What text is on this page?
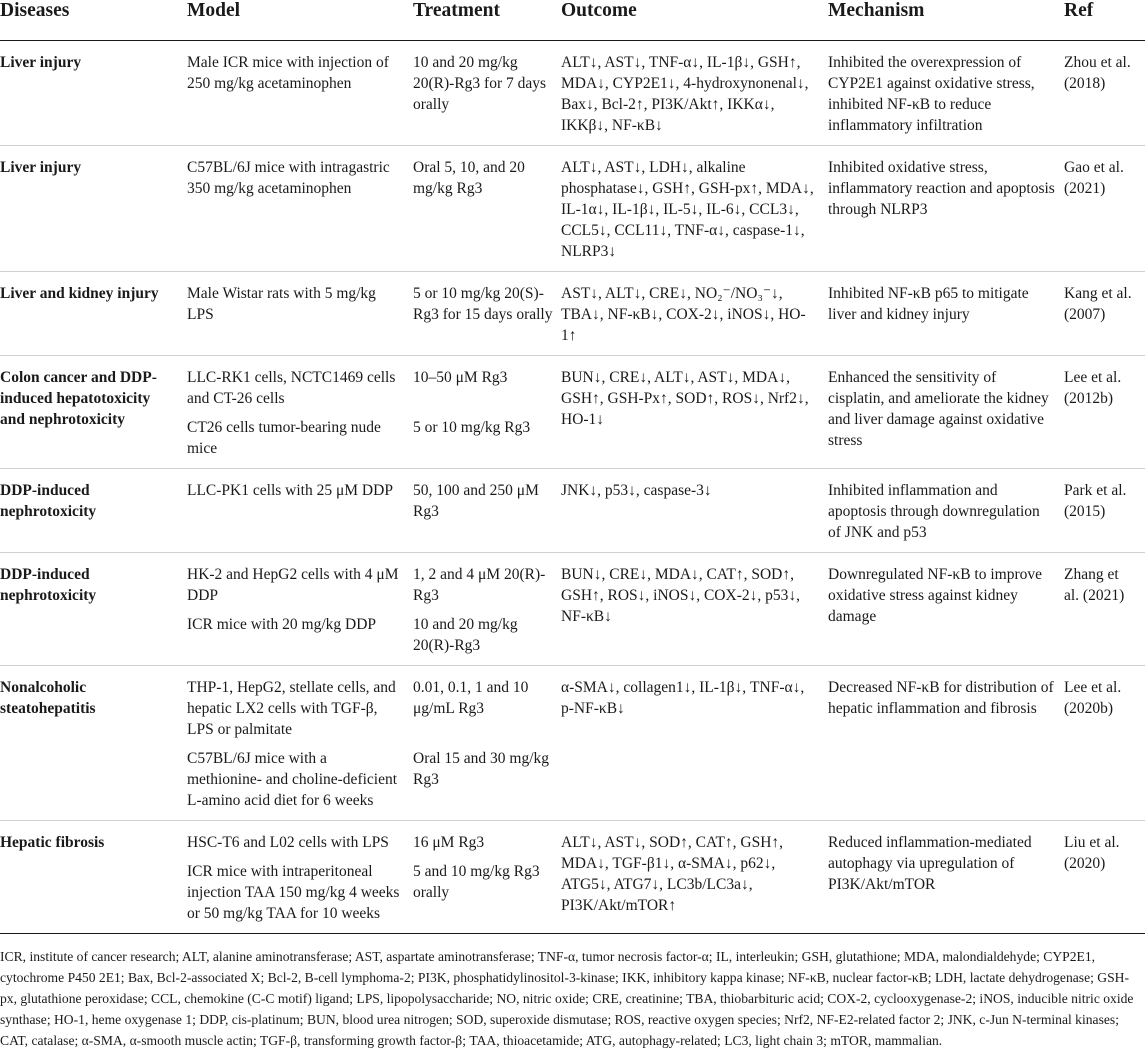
Diseases	Model	Treatment	Outcome	Mechanism	Ref
Liver injury	Male ICR mice with injection of 250 mg/kg acetaminophen	10 and 20 mg/kg 20(R)-Rg3 for 7 days orally	ALT↓, AST↓, TNF-α↓, IL-1β↓, GSH↑, MDA↓, CYP2E1↓, 4-hydroxynonenal↓, Bax↓, Bcl-2↑, PI3K/Akt↑, IKKα↓, IKKβ↓, NF-κB↓	Inhibited the overexpression of CYP2E1 against oxidative stress, inhibited NF-κB to reduce inflammatory infiltration	Zhou et al. (2018)
Liver injury	C57BL/6J mice with intragastric 350 mg/kg acetaminophen	Oral 5, 10, and 20 mg/kg Rg3	ALT↓, AST↓, LDH↓, alkaline phosphatase↓, GSH↑, GSH-px↑, MDA↓, IL-1α↓, IL-1β↓, IL-5↓, IL-6↓, CCL3↓, CCL5↓, CCL11↓, TNF-α↓, caspase-1↓, NLRP3↓	Inhibited oxidative stress, inflammatory reaction and apoptosis through NLRP3	Gao et al. (2021)
Liver and kidney injury	Male Wistar rats with 5 mg/kg LPS	5 or 10 mg/kg 20(S)-Rg3 for 15 days orally	AST↓, ALT↓, CRE↓, NO₂⁻/NO₃⁻↓, TBA↓, NF-κB↓, COX-2↓, iNOS↓, HO-1↑	Inhibited NF-κB p65 to mitigate liver and kidney injury	Kang et al. (2007)
Colon cancer and DDP-induced hepatotoxicity and nephrotoxicity	LLC-RK1 cells, NCTC1469 cells and CT-26 cells	10–50 μM Rg3	BUN↓, CRE↓, ALT↓, AST↓, MDA↓, GSH↑, GSH-Px↑, SOD↑, ROS↓, Nrf2↓, HO-1↓	Enhanced the sensitivity of cisplatin, and ameliorate the kidney and liver damage against oxidative stress	Lee et al. (2012b)
	CT26 cells tumor-bearing nude mice	5 or 10 mg/kg Rg3			
DDP-induced nephrotoxicity	LLC-PK1 cells with 25 μM DDP	50, 100 and 250 μM Rg3	JNK↓, p53↓, caspase-3↓	Inhibited inflammation and apoptosis through downregulation of JNK and p53	Park et al. (2015)
DDP-induced nephrotoxicity	HK-2 and HepG2 cells with 4 μM DDP	1, 2 and 4 μM 20(R)-Rg3	BUN↓, CRE↓, MDA↓, CAT↑, SOD↑, GSH↑, ROS↓, iNOS↓, COX-2↓, p53↓, NF-κB↓	Downregulated NF-κB to improve oxidative stress against kidney damage	Zhang et al. (2021)
	ICR mice with 20 mg/kg DDP	10 and 20 mg/kg 20(R)-Rg3			
Nonalcoholic steatohepatitis	THP-1, HepG2, stellate cells, and hepatic LX2 cells with TGF-β, LPS or palmitate	0.01, 0.1, 1 and 10 μg/mL Rg3	α-SMA↓, collagen1↓, IL-1β↓, TNF-α↓, p-NF-κB↓	Decreased NF-κB for distribution of hepatic inflammation and fibrosis	Lee et al. (2020b)
	C57BL/6J mice with a methionine- and choline-deficient L-amino acid diet for 6 weeks	Oral 15 and 30 mg/kg Rg3			
Hepatic fibrosis	HSC-T6 and L02 cells with LPS	16 μM Rg3	ALT↓, AST↓, SOD↑, CAT↑, GSH↑, MDA↓, TGF-β1↓, α-SMA↓, p62↓, ATG5↓, ATG7↓, LC3b/LC3a↓, PI3K/Akt/mTOR↑	Reduced inflammation-mediated autophagy via upregulation of PI3K/Akt/mTOR	Liu et al. (2020)
	ICR mice with intraperitoneal injection TAA 150 mg/kg 4 weeks or 50 mg/kg TAA for 10 weeks	5 and 10 mg/kg Rg3 orally			
ICR, institute of cancer research; ALT, alanine aminotransferase; AST, aspartate aminotransferase; TNF-α, tumor necrosis factor-α; IL, interleukin; GSH, glutathione; MDA, malondialdehyde; CYP2E1, cytochrome P450 2E1; Bax, Bcl-2-associated X; Bcl-2, B-cell lymphoma-2; PI3K, phosphatidylinositol-3-kinase; IKK, inhibitory kappa kinase; NF-κB, nuclear factor-κB; LDH, lactate dehydrogenase; GSH-px, glutathione peroxidase; CCL, chemokine (C-C motif) ligand; LPS, lipopolysaccharide; NO, nitric oxide; CRE, creatinine; TBA, thiobarbituric acid; COX-2, cyclooxygenase-2; iNOS, inducible nitric oxide synthase; HO-1, heme oxygenase 1; DDP, cis-platinum; BUN, blood urea nitrogen; SOD, superoxide dismutase; ROS, reactive oxygen species; Nrf2, NF-E2-related factor 2; JNK, c-Jun N-terminal kinases; CAT, catalase; α-SMA, α-smooth muscle actin; TGF-β, transforming growth factor-β; TAA, thioacetamide; ATG, autophagy-related; LC3, light chain 3; mTOR, mammalian.
